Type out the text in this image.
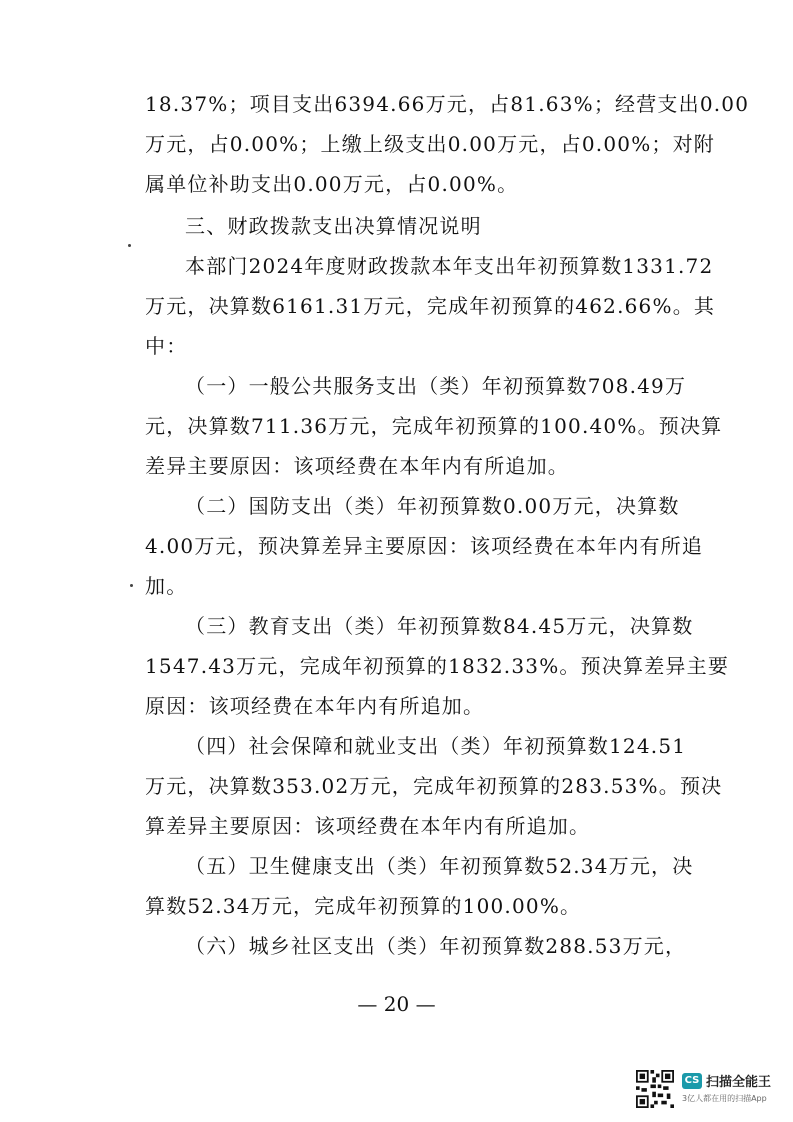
18.37%；项目支出6394.66万元，占81.63%；经营支出0.00
万元，占0.00%；上缴上级支出0.00万元，占0.00%；对附
属单位补助支出0.00万元，占0.00%。
三、财政拨款支出决算情况说明
本部门2024年度财政拨款本年支出年初预算数1331.72
万元，决算数6161.31万元，完成年初预算的462.66%。其
中：
（一）一般公共服务支出（类）年初预算数708.49万
元，决算数711.36万元，完成年初预算的100.40%。预决算
差异主要原因：该项经费在本年内有所追加。
（二）国防支出（类）年初预算数0.00万元，决算数
4.00万元，预决算差异主要原因：该项经费在本年内有所追
加。
（三）教育支出（类）年初预算数84.45万元，决算数
1547.43万元，完成年初预算的1832.33%。预决算差异主要
原因：该项经费在本年内有所追加。
（四）社会保障和就业支出（类）年初预算数124.51
万元，决算数353.02万元，完成年初预算的283.53%。预决
算差异主要原因：该项经费在本年内有所追加。
（五）卫生健康支出（类）年初预算数52.34万元，决
算数52.34万元，完成年初预算的100.00%。
（六）城乡社区支出（类）年初预算数288.53万元，
— 20 —
CS 扫描全能王
3亿人都在用的扫描App
